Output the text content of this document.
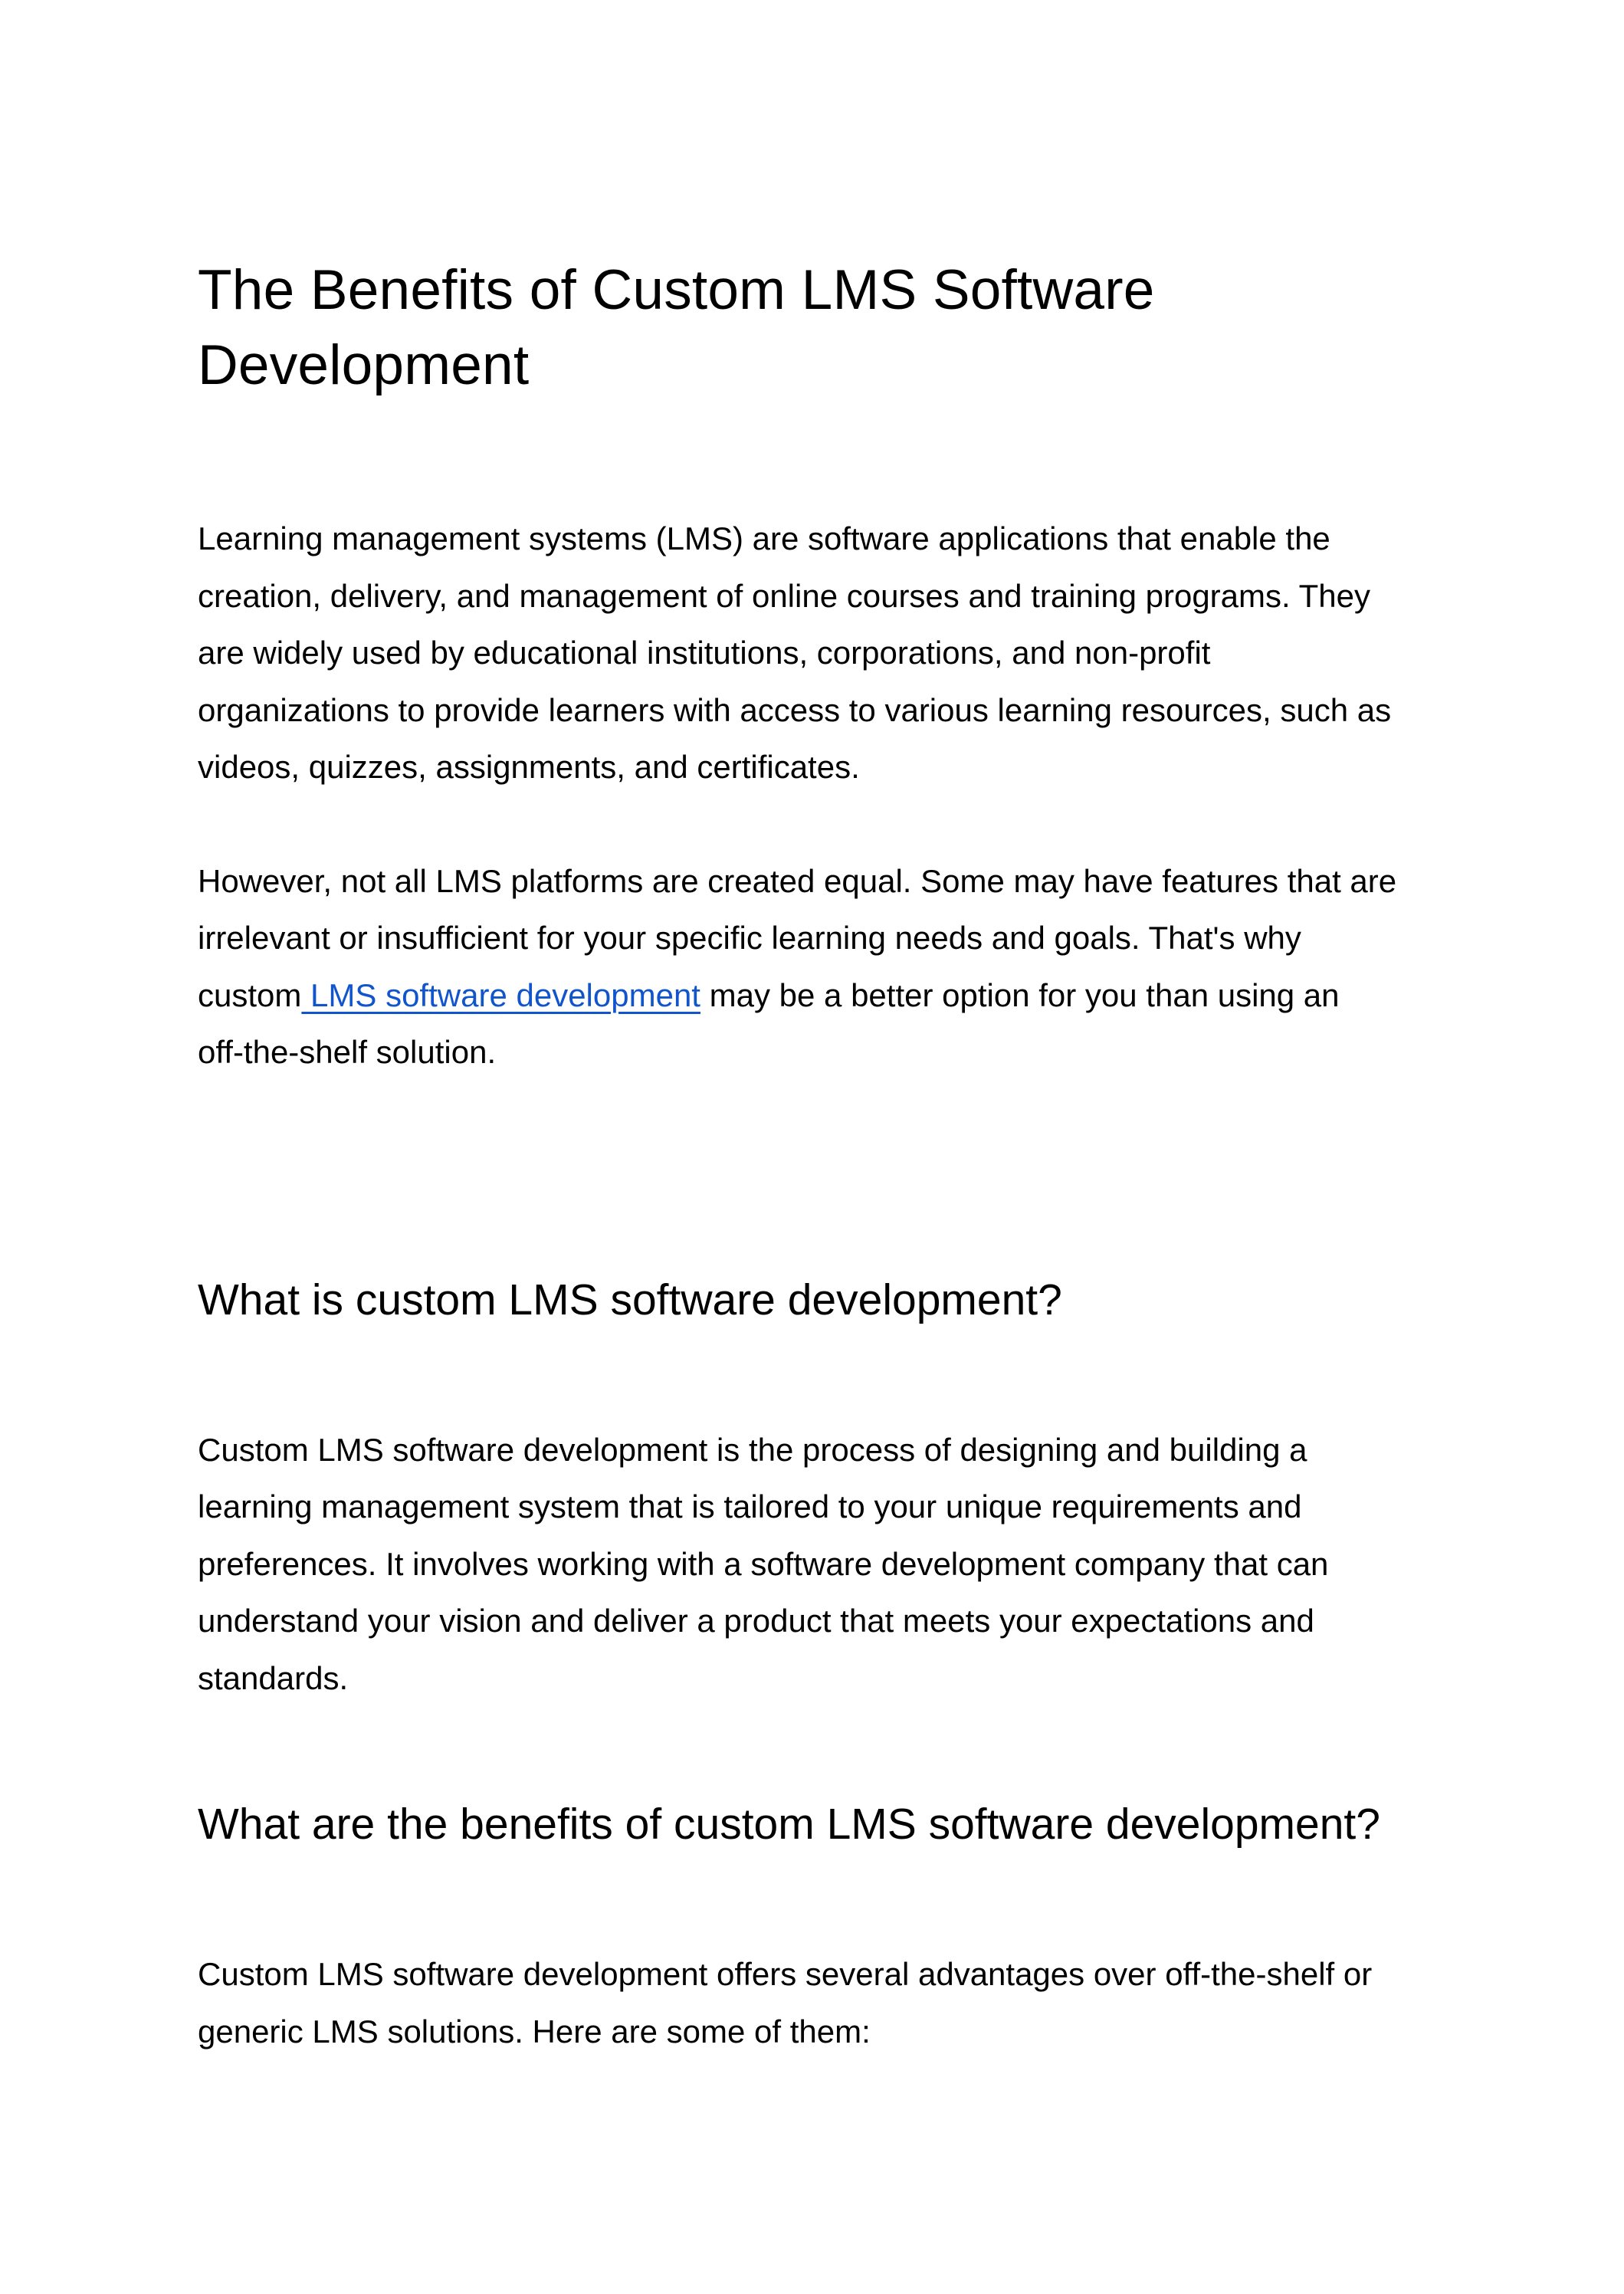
The Benefits of Custom LMS Software
Development

Learning management systems (LMS) are software applications that enable the
creation, delivery, and management of online courses and training programs. They
are widely used by educational institutions, corporations, and non-profit
organizations to provide learners with access to various learning resources, such as
videos, quizzes, assignments, and certificates.

However, not all LMS platforms are created equal. Some may have features that are
irrelevant or insufficient for your specific learning needs and goals. That's why
custom LMS software development may be a better option for you than using an
off-the-shelf solution.

What is custom LMS software development?

Custom LMS software development is the process of designing and building a
learning management system that is tailored to your unique requirements and
preferences. It involves working with a software development company that can
understand your vision and deliver a product that meets your expectations and
standards.

What are the benefits of custom LMS software development?

Custom LMS software development offers several advantages over off-the-shelf or
generic LMS solutions. Here are some of them:
